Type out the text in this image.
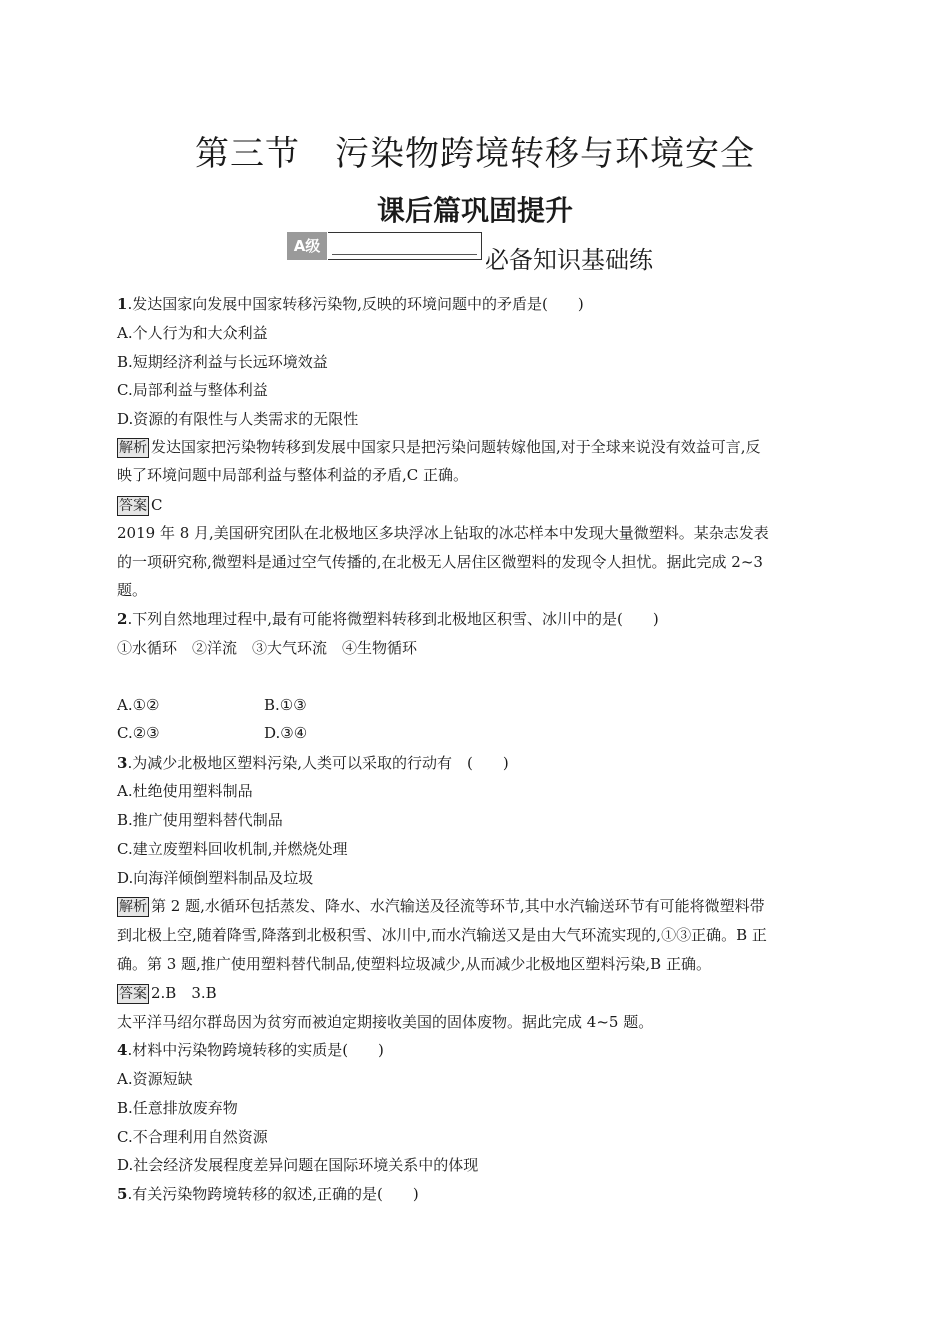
第三节　污染物跨境转移与环境安全
课后篇巩固提升
A级	必备知识基础练
1.发达国家向发展中国家转移污染物,反映的环境问题中的矛盾是(　　)
A.个人行为和大众利益
B.短期经济利益与长远环境效益
C.局部利益与整体利益
D.资源的有限性与人类需求的无限性
解析 发达国家把污染物转移到发展中国家只是把污染问题转嫁他国,对于全球来说没有效益可言,反
映了环境问题中局部利益与整体利益的矛盾,C 正确。
答案 C
2019 年 8 月,美国研究团队在北极地区多块浮冰上钻取的冰芯样本中发现大量微塑料。某杂志发表
的一项研究称,微塑料是通过空气传播的,在北极无人居住区微塑料的发现令人担忧。据此完成 2~3
题。
2.下列自然地理过程中,最有可能将微塑料转移到北极地区积雪、冰川中的是(　　)
①水循环　②洋流　③大气环流　④生物循环
A.①②	B.①③
C.②③	D.③④
3.为减少北极地区塑料污染,人类可以采取的行动有　(　　)
A.杜绝使用塑料制品
B.推广使用塑料替代制品
C.建立废塑料回收机制,并燃烧处理
D.向海洋倾倒塑料制品及垃圾
解析 第 2 题,水循环包括蒸发、降水、水汽输送及径流等环节,其中水汽输送环节有可能将微塑料带
到北极上空,随着降雪,降落到北极积雪、冰川中,而水汽输送又是由大气环流实现的,①③正确。B 正
确。第 3 题,推广使用塑料替代制品,使塑料垃圾减少,从而减少北极地区塑料污染,B 正确。
答案 2.B　3.B
太平洋马绍尔群岛因为贫穷而被迫定期接收美国的固体废物。据此完成 4~5 题。
4.材料中污染物跨境转移的实质是(　　)
A.资源短缺
B.任意排放废弃物
C.不合理利用自然资源
D.社会经济发展程度差异问题在国际环境关系中的体现
5.有关污染物跨境转移的叙述,正确的是(　　)
